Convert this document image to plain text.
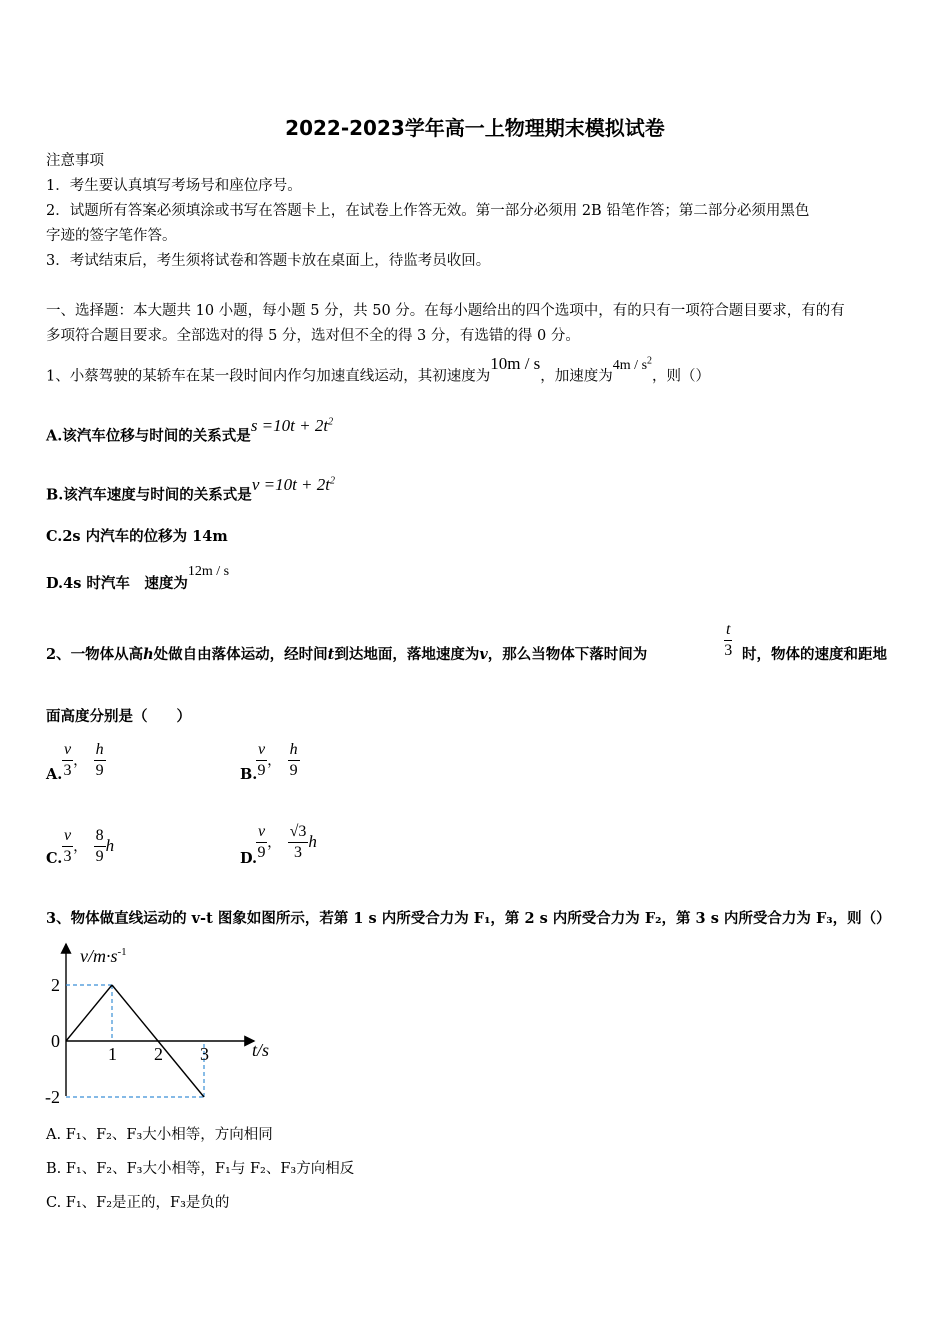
2022-2023学年高一上物理期末模拟试卷
注意事项
1．考生要认真填写考场号和座位序号。
2．试题所有答案必须填涂或书写在答题卡上，在试卷上作答无效。第一部分必须用 2B 铅笔作答；第二部分必须用黑色
字迹的签字笔作答。
3．考试结束后，考生须将试卷和答题卡放在桌面上，待监考员收回。
一、选择题：本大题共 10 小题，每小题 5 分，共 50 分。在每小题给出的四个选项中，有的只有一项符合题目要求，有的有
多项符合题目要求。全部选对的得 5 分，选对但不全的得 3 分，有选错的得 0 分。
1、小蔡驾驶的某轿车在某一段时间内作匀加速直线运动，其初速度为10m / s，加速度为$4m / s^2$，则（）
A.该汽车位移与时间的关系式是$s =10t + 2t^2$
B.该汽车速度与时间的关系式是$v =10t + 2t^2$
C.2s 内汽车的位移为 14m
D.4s 时汽车　速度为12m / s
2、一物体从高h处做自由落体运动，经时间t到达地面，落地速度为v，那么当物体下落时间为	$\frac{t}{3}$ 时，物体的速度和距地
面高度分别是（　　）
A. $\frac{v}{3}$ ， $\frac{h}{9}$	B.
$\frac{v}{9}$ ， $\frac{h}{9}$
C. $\frac{v}{3}$ ， $\frac{8}{9}$ h
D.
$\frac{v}{9}$ ， $\frac{√3}{3}$ h
3、物体做直线运动的 v-t 图象如图所示，若第 1 s 内所受合力为 F₁，第 2 s 内所受合力为 F₂，第 3 s 内所受合力为 F₃，则（）
1 2 3
2
0
-2
$v/m\cdot s^{-1}$
t/s
A. F₁、F₂、F₃大小相等，方向相同
B. F₁、F₂、F₃大小相等，F₁与 F₂、F₃方向相反
C. F₁、F₂是正的，F₃是负的
